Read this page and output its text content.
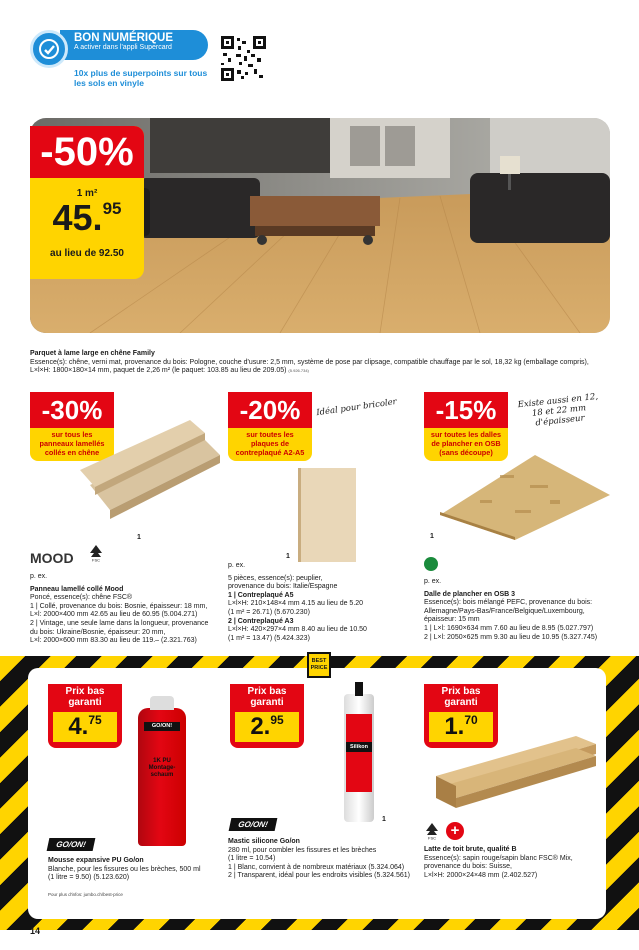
BON NUMÉRIQUE
A activer dans l'appli Supercard
10x plus de superpoints sur tous les sols en vinyle
-50%
1 m²
45.95
au lieu de 92.50
Parquet à lame large en chêne Family
Essence(s): chêne, verni mat, provenance du bois: Pologne, couche d'usure: 2,5 mm, système de pose par clipsage, compatible chauffage par le sol, 18,32 kg (emballage compris), L×l×H: 1800×180×14 mm, paquet de 2,26 m² (le paquet: 103.85 au lieu de 209.05) (5.926.734)
-30%
sur tous les panneaux lamellés collés en chêne
1
MOOD	FSC
p. ex.
Panneau lamellé collé Mood
Poncé, essence(s): chêne FSC®
1 | Collé, provenance du bois: Bosnie, épaisseur: 18 mm,
L×l: 2000×400 mm 42.65 au lieu de 60.95 (5.004.271)
2 | Vintage, une seule lame dans la longueur, provenance
du bois: Ukraine/Bosnie, épaisseur: 20 mm,
L×l: 2000×600 mm 83.30 au lieu de 119.– (2.321.763)
-20%
sur toutes les plaques de contreplaqué A2-A5
Idéal pour bricoler
1
p. ex.
5 pièces, essence(s): peuplier,
provenance du bois: Italie/Espagne
1 | Contreplaqué A5
L×l×H: 210×148×4 mm 4.15 au lieu de 5.20
(1 m² = 26.71) (5.670.230)
2 | Contreplaqué A3
L×l×H: 420×297×4 mm 8.40 au lieu de 10.50
(1 m² = 13.47) (5.424.323)
-15%
sur toutes les dalles de plancher en OSB (sans découpe)
Existe aussi en 12, 18 et 22 mm d'épaisseur
1
p. ex.
Dalle de plancher en OSB 3
Essence(s): bois mélangé PEFC, provenance du bois:
Allemagne/Pays-Bas/France/Belgique/Luxembourg,
épaisseur: 15 mm
1 | L×l: 1690×634 mm 7.60 au lieu de 8.95 (5.027.797)
2 | L×l: 2050×625 mm 9.30 au lieu de 10.95 (5.327.745)
BEST PRICE
Prix bas
garanti
4.75	GO/ON!
1K PU Montage-schaum
GO/ON!
Mousse expansive PU Go/on
Blanche, pour les fissures ou les brèches, 500 ml
(1 litre = 9.50) (5.123.620)
Prix bas
garanti
2.95
Silikon
1
GO/ON!
Mastic silicone Go/on
280 ml, pour combler les fissures et les brèches
(1 litre = 10.54)
1 | Blanc, convient à de nombreux matériaux (5.324.064)
2 | Transparent, idéal pour les endroits visibles (5.324.561)
Prix bas
garanti
1.70
FSC +
Latte de toit brute, qualité B
Essence(s): sapin rouge/sapin blanc FSC® Mix,
provenance du bois: Suisse,
L×l×H: 2000×24×48 mm (2.402.527)
Pour plus d'infos: jumbo.ch/best-price
14
